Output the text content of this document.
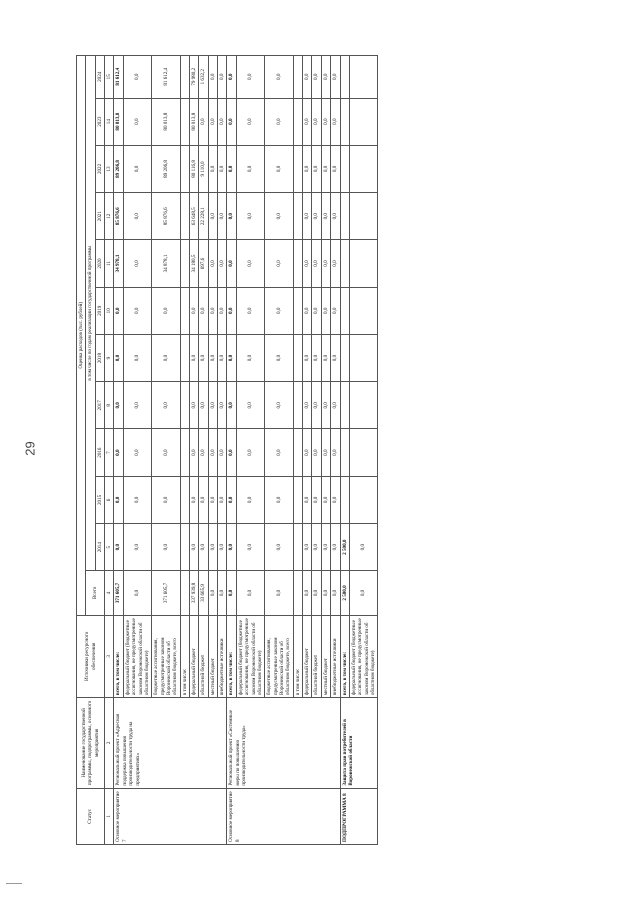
29
Статус	Наименование государственной программы, подпрограммы, основного мероприятия	Источники ресурсного обеспечения	Оценка расходов (тыс. рублей)											
			Всего	в том числе по годам реализации государственной программы										
				2014	2015	2016	2017	2018	2019	2020	2021	2022	2023	2024
1	2	3	4	5	6	7	8	9	10	11	12	13	14	15
Основное мероприятие 7	Региональный проект «Адресная поддержка повышения производительности труда на предприятиях»	всего, в том числе:	371 605,7	0,0	0,0	0,0	0,0	0,0	0,0	34 978,1	85 876,6	89 206,8	80 013,8	81 612,4
		федеральный бюджет (бюджетные ассигнования, не предусмотренные законом Воронежской области об областном бюджете)	0,0	0,0	0,0	0,0	0,0	0,0	0,0	0,0	0,0	0,0	0,0	0,0
		бюджетные ассигнования, предусмотренные законом Воронежской области об областном бюджете, всего	371 605,7	0,0	0,0	0,0	0,0	0,0	0,0	34 878,1	85 876,6	89 206,8	80 013,8	81 612,4
		в том числе:												
		федеральный бюджет	337 939,8	0,0	0,0	0,0	0,0	0,0	0,0	34 180,5	63 648,5	80 116,8	80 013,8	79 980,2
		областной бюджет	33 665,9	0,0	0,0	0,0	0,0	0,0	0,0	697,6	22 228,1	9 110,0	0,0	1 632,2
		местный бюджет	0,0	0,0	0,0	0,0	0,0	0,0	0,0	0,0	0,0	0,0	0,0	0,0
		внебюджетные источники	0,0	0,0	0,0	0,0	0,0	0,0	0,0	0,0	0,0	0,0	0,0	0,0
Основное мероприятие 8	Региональный проект «Системные меры по повышению производительности труда»	всего, в том числе:	0,0	0,0	0,0	0,0	0,0	0,0	0,0	0,0	0,0	0,0	0,0	0,0
		федеральный бюджет (бюджетные ассигнования, не предусмотренные законом Воронежской области об областном бюджете)	0,0	0,0	0,0	0,0	0,0	0,0	0,0	0,0	0,0	0,0	0,0	0,0
		бюджетные ассигнования, предусмотренные законом Воронежской области об областном бюджете, всего	0,0	0,0	0,0	0,0	0,0	0,0	0,0	0,0	0,0	0,0	0,0	0,0
		в том числе:												
		федеральный бюджет	0,0	0,0	0,0	0,0	0,0	0,0	0,0	0,0	0,0	0,0	0,0	0,0
		областной бюджет	0,0	0,0	0,0	0,0	0,0	0,0	0,0	0,0	0,0	0,0	0,0	0,0
		местный бюджет	0,0	0,0	0,0	0,0	0,0	0,0	0,0	0,0	0,0	0,0	0,0	0,0
		внебюджетные источники	0,0	0,0	0,0	0,0	0,0	0,0	0,0	0,0	0,0	0,0	0,0	0,0
ПОДПРОГРАММА 8	Защита прав потребителей в Воронежской области	всего, в том числе:	2 500,0	2 500,0										
		федеральный бюджет (бюджетные ассигнования, не предусмотренные законом Воронежской области об областном бюджете)	0,0	0,0										
